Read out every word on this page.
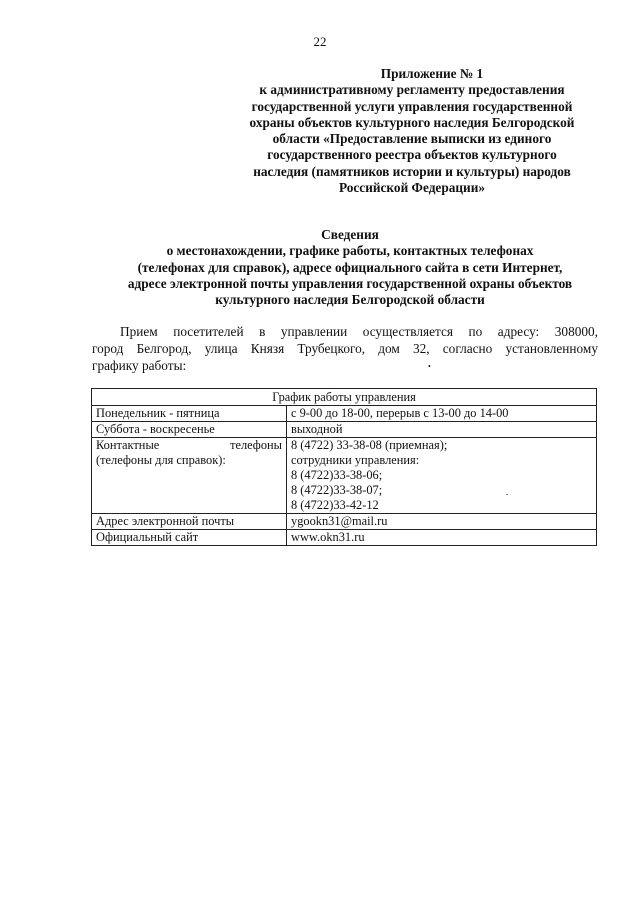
22
Приложение № 1
к административному регламенту предоставления
государственной услуги управления государственной
охраны объектов культурного наследия Белгородской
области «Предоставление выписки из единого
государственного реестра объектов культурного
наследия (памятников истории и культуры) народов
Российской Федерации»
Сведения
о местонахождении, графике работы, контактных телефонах
(телефонах для справок), адресе официального сайта в сети Интернет,
адресе электронной почты управления государственной охраны объектов
культурного наследия Белгородской области
Прием посетителей в управлении осуществляется по адресу: 308000,
город Белгород, улица Князя Трубецкого, дом 32, согласно установленному
графику работы:	•
График работы управления	
Понедельник - пятница	с 9-00 до 18-00, перерыв с 13-00 до 14-00
Суббота - воскресенье	выходной

Контактные телефоны
(телефоны для справок):	8 (4722) 33-38-08 (приемная);
сотрудники управления:
8 (4722)33-38-06;
8 (4722)33-38-07;
8 (4722)33-42-12

Адрес электронной почты	ygookn31@mail.ru
Официальный сайт	www.okn31.ru
